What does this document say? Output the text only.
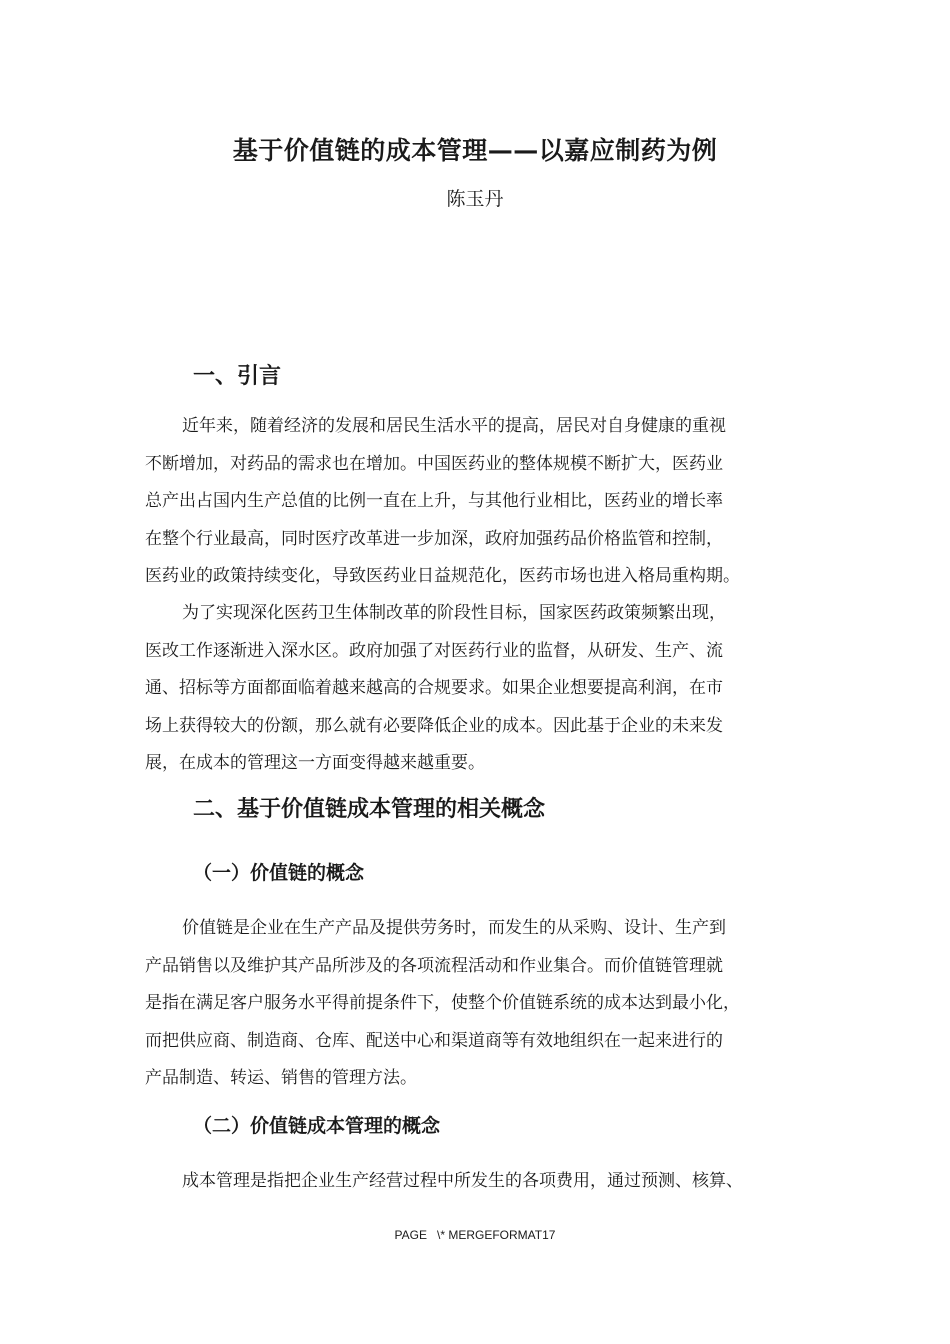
基于价值链的成本管理——以嘉应制药为例
陈玉丹
一、引言
近年来，随着经济的发展和居民生活水平的提高，居民对自身健康的重视
不断增加，对药品的需求也在增加。中国医药业的整体规模不断扩大，医药业
总产出占国内生产总值的比例一直在上升，与其他行业相比，医药业的增长率
在整个行业最高，同时医疗改革进一步加深，政府加强药品价格监管和控制，
医药业的政策持续变化，导致医药业日益规范化，医药市场也进入格局重构期。
为了实现深化医药卫生体制改革的阶段性目标，国家医药政策频繁出现，
医改工作逐渐进入深水区。政府加强了对医药行业的监督，从研发、生产、流
通、招标等方面都面临着越来越高的合规要求。如果企业想要提高利润，在市
场上获得较大的份额，那么就有必要降低企业的成本。因此基于企业的未来发
展，在成本的管理这一方面变得越来越重要。
二、基于价值链成本管理的相关概念
（一）价值链的概念
价值链是企业在生产产品及提供劳务时，而发生的从采购、设计、生产到
产品销售以及维护其产品所涉及的各项流程活动和作业集合。而价值链管理就
是指在满足客户服务水平得前提条件下，使整个价值链系统的成本达到最小化，
而把供应商、制造商、仓库、配送中心和渠道商等有效地组织在一起来进行的
产品制造、转运、销售的管理方法。
（二）价值链成本管理的概念
成本管理是指把企业生产经营过程中所发生的各项费用，通过预测、核算、
PAGE   \* MERGEFORMAT17
